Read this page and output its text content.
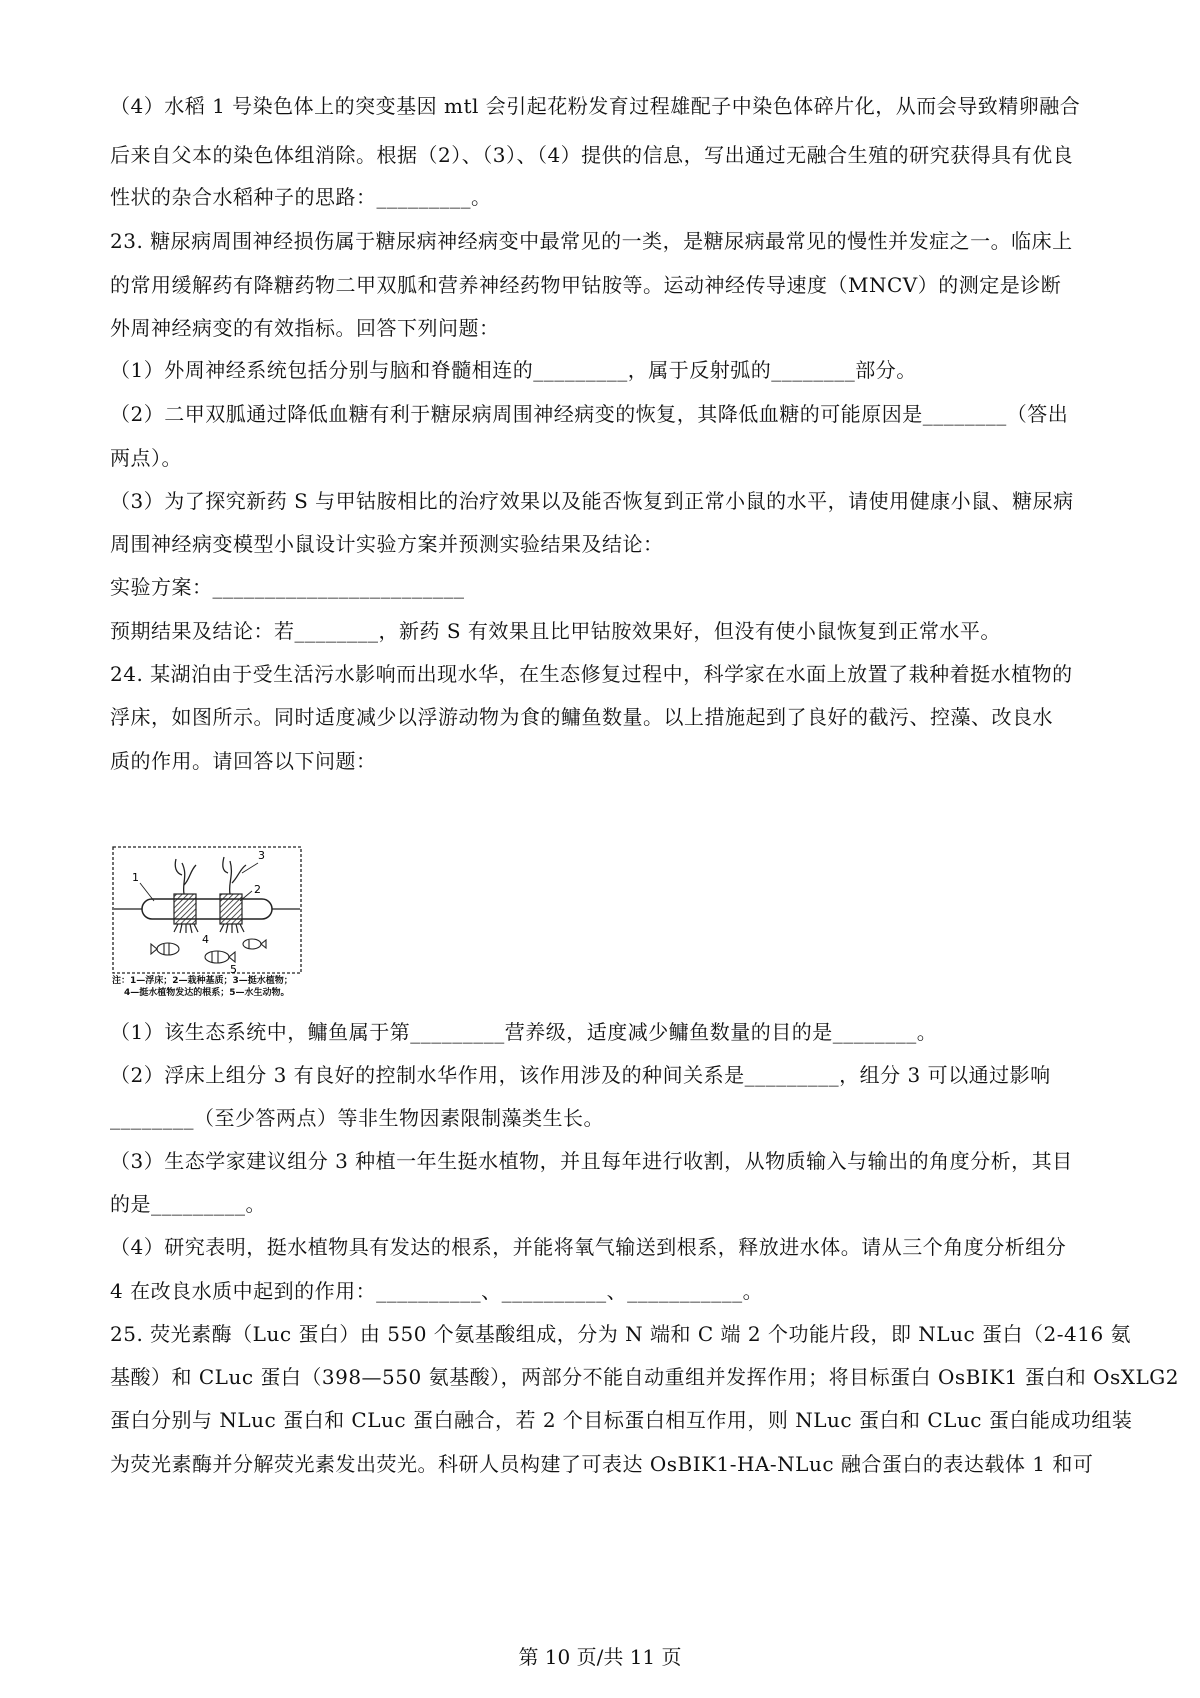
（4）水稻 1 号染色体上的突变基因 mtl 会引起花粉发育过程雄配子中染色体碎片化，从而会导致精卵融合
后来自父本的染色体组消除。根据（2）、（3）、（4）提供的信息，写出通过无融合生殖的研究获得具有优良
性状的杂合水稻种子的思路：_________。
23. 糖尿病周围神经损伤属于糖尿病神经病变中最常见的一类，是糖尿病最常见的慢性并发症之一。临床上
的常用缓解药有降糖药物二甲双胍和营养神经药物甲钴胺等。运动神经传导速度（MNCV）的测定是诊断
外周神经病变的有效指标。回答下列问题：
（1）外周神经系统包括分别与脑和脊髓相连的_________，属于反射弧的________部分。
（2）二甲双胍通过降低血糖有利于糖尿病周围神经病变的恢复，其降低血糖的可能原因是________（答出
两点）。
（3）为了探究新药 S 与甲钴胺相比的治疗效果以及能否恢复到正常小鼠的水平，请使用健康小鼠、糖尿病
周围神经病变模型小鼠设计实验方案并预测实验结果及结论：
实验方案：________________________
预期结果及结论：若________，新药 S 有效果且比甲钴胺效果好，但没有使小鼠恢复到正常水平。
24. 某湖泊由于受生活污水影响而出现水华，在生态修复过程中，科学家在水面上放置了栽种着挺水植物的
浮床，如图所示。同时适度减少以浮游动物为食的鳙鱼数量。以上措施起到了良好的截污、控藻、改良水
质的作用。请回答以下问题：
1
2
3
4
5
注：1—浮床；2—栽种基质；3—挺水植物；
4—挺水植物发达的根系；5—水生动物。
（1）该生态系统中，鳙鱼属于第_________营养级，适度减少鳙鱼数量的目的是________。
（2）浮床上组分 3 有良好的控制水华作用，该作用涉及的种间关系是_________，组分 3 可以通过影响
________（至少答两点）等非生物因素限制藻类生长。
（3）生态学家建议组分 3 种植一年生挺水植物，并且每年进行收割，从物质输入与输出的角度分析，其目
的是_________。
（4）研究表明，挺水植物具有发达的根系，并能将氧气输送到根系，释放进水体。请从三个角度分析组分
4 在改良水质中起到的作用：__________、__________、___________。
25. 荧光素酶（Luc 蛋白）由 550 个氨基酸组成，分为 N 端和 C 端 2 个功能片段，即 NLuc 蛋白（2-416 氨
基酸）和 CLuc 蛋白（398—550 氨基酸），两部分不能自动重组并发挥作用；将目标蛋白 OsBIK1 蛋白和 OsXLG2
蛋白分别与 NLuc 蛋白和 CLuc 蛋白融合，若 2 个目标蛋白相互作用，则 NLuc 蛋白和 CLuc 蛋白能成功组装
为荧光素酶并分解荧光素发出荧光。科研人员构建了可表达 OsBIK1-HA-NLuc 融合蛋白的表达载体 1 和可
第 10 页/共 11 页
